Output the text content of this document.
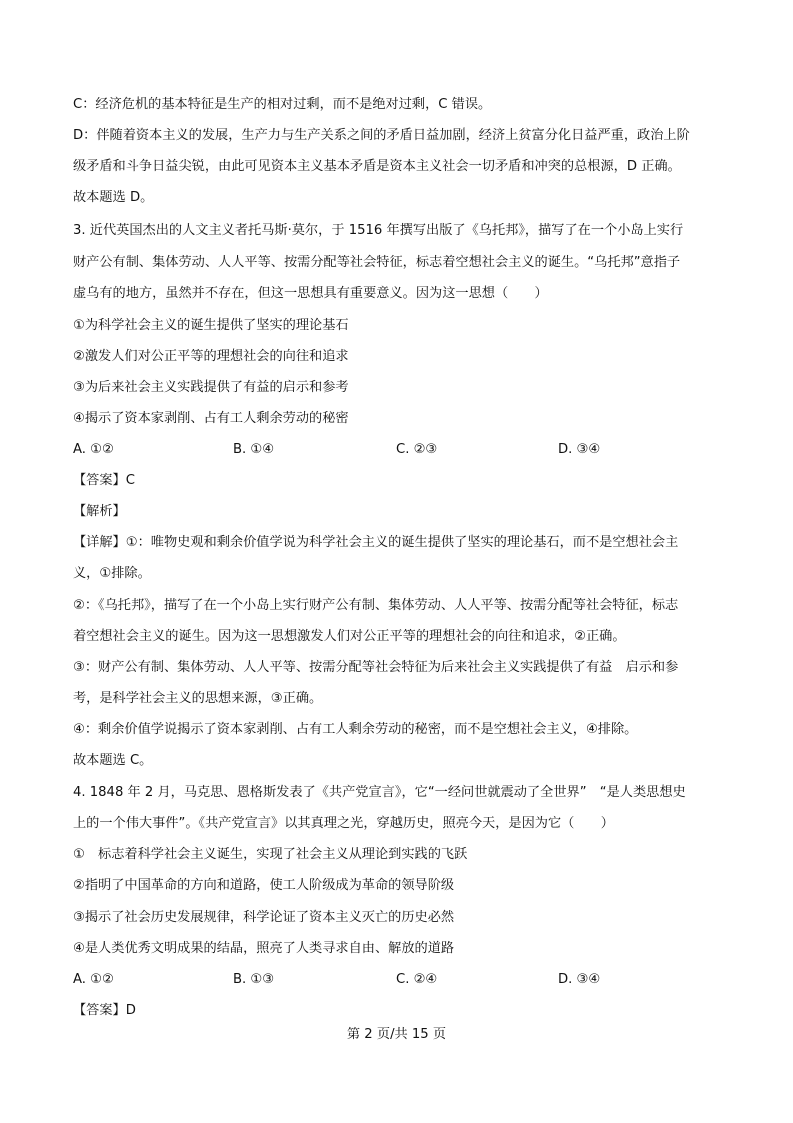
C：经济危机的基本特征是生产的相对过剩，而不是绝对过剩，C 错误。
D：伴随着资本主义的发展，生产力与生产关系之间的矛盾日益加剧，经济上贫富分化日益严重，政治上阶
级矛盾和斗争日益尖锐，由此可见资本主义基本矛盾是资本主义社会一切矛盾和冲突的总根源，D 正确。
故本题选 D。
3. 近代英国杰出的人文主义者托马斯·莫尔，于 1516 年撰写出版了《乌托邦》，描写了在一个小岛上实行
财产公有制、集体劳动、人人平等、按需分配等社会特征，标志着空想社会主义的诞生。“乌托邦”意指子
虚乌有的地方，虽然并不存在，但这一思想具有重要意义。因为这一思想（　　）
①为科学社会主义的诞生提供了坚实的理论基石
②激发人们对公正平等的理想社会的向往和追求
③为后来社会主义实践提供了有益的启示和参考
④揭示了资本家剥削、占有工人剩余劳动的秘密
A. ①②	B. ①④	C. ②③	D. ③④
【答案】C
【解析】
【详解】①：唯物史观和剩余价值学说为科学社会主义的诞生提供了坚实的理论基石，而不是空想社会主
义，①排除。
②：《乌托邦》，描写了在一个小岛上实行财产公有制、集体劳动、人人平等、按需分配等社会特征，标志
着空想社会主义的诞生。因为这一思想激发人们对公正平等的理想社会的向往和追求，②正确。
③：财产公有制、集体劳动、人人平等、按需分配等社会特征为后来社会主义实践提供了有益　启示和参
考，是科学社会主义的思想来源，③正确。
④：剩余价值学说揭示了资本家剥削、占有工人剩余劳动的秘密，而不是空想社会主义，④排除。
故本题选 C。
4. 1848 年 2 月，马克思、恩格斯发表了《共产党宣言》，它“一经问世就震动了全世界”　“是人类思想史
上的一个伟大事件”。《共产党宣言》以其真理之光，穿越历史，照亮今天，是因为它（　　）
①　标志着科学社会主义诞生，实现了社会主义从理论到实践的飞跃
②指明了中国革命的方向和道路，使工人阶级成为革命的领导阶级
③揭示了社会历史发展规律，科学论证了资本主义灭亡的历史必然
④是人类优秀文明成果的结晶，照亮了人类寻求自由、解放的道路
A. ①②	B. ①③	C. ②④	D. ③④
【答案】D
第 2 页/共 15 页
